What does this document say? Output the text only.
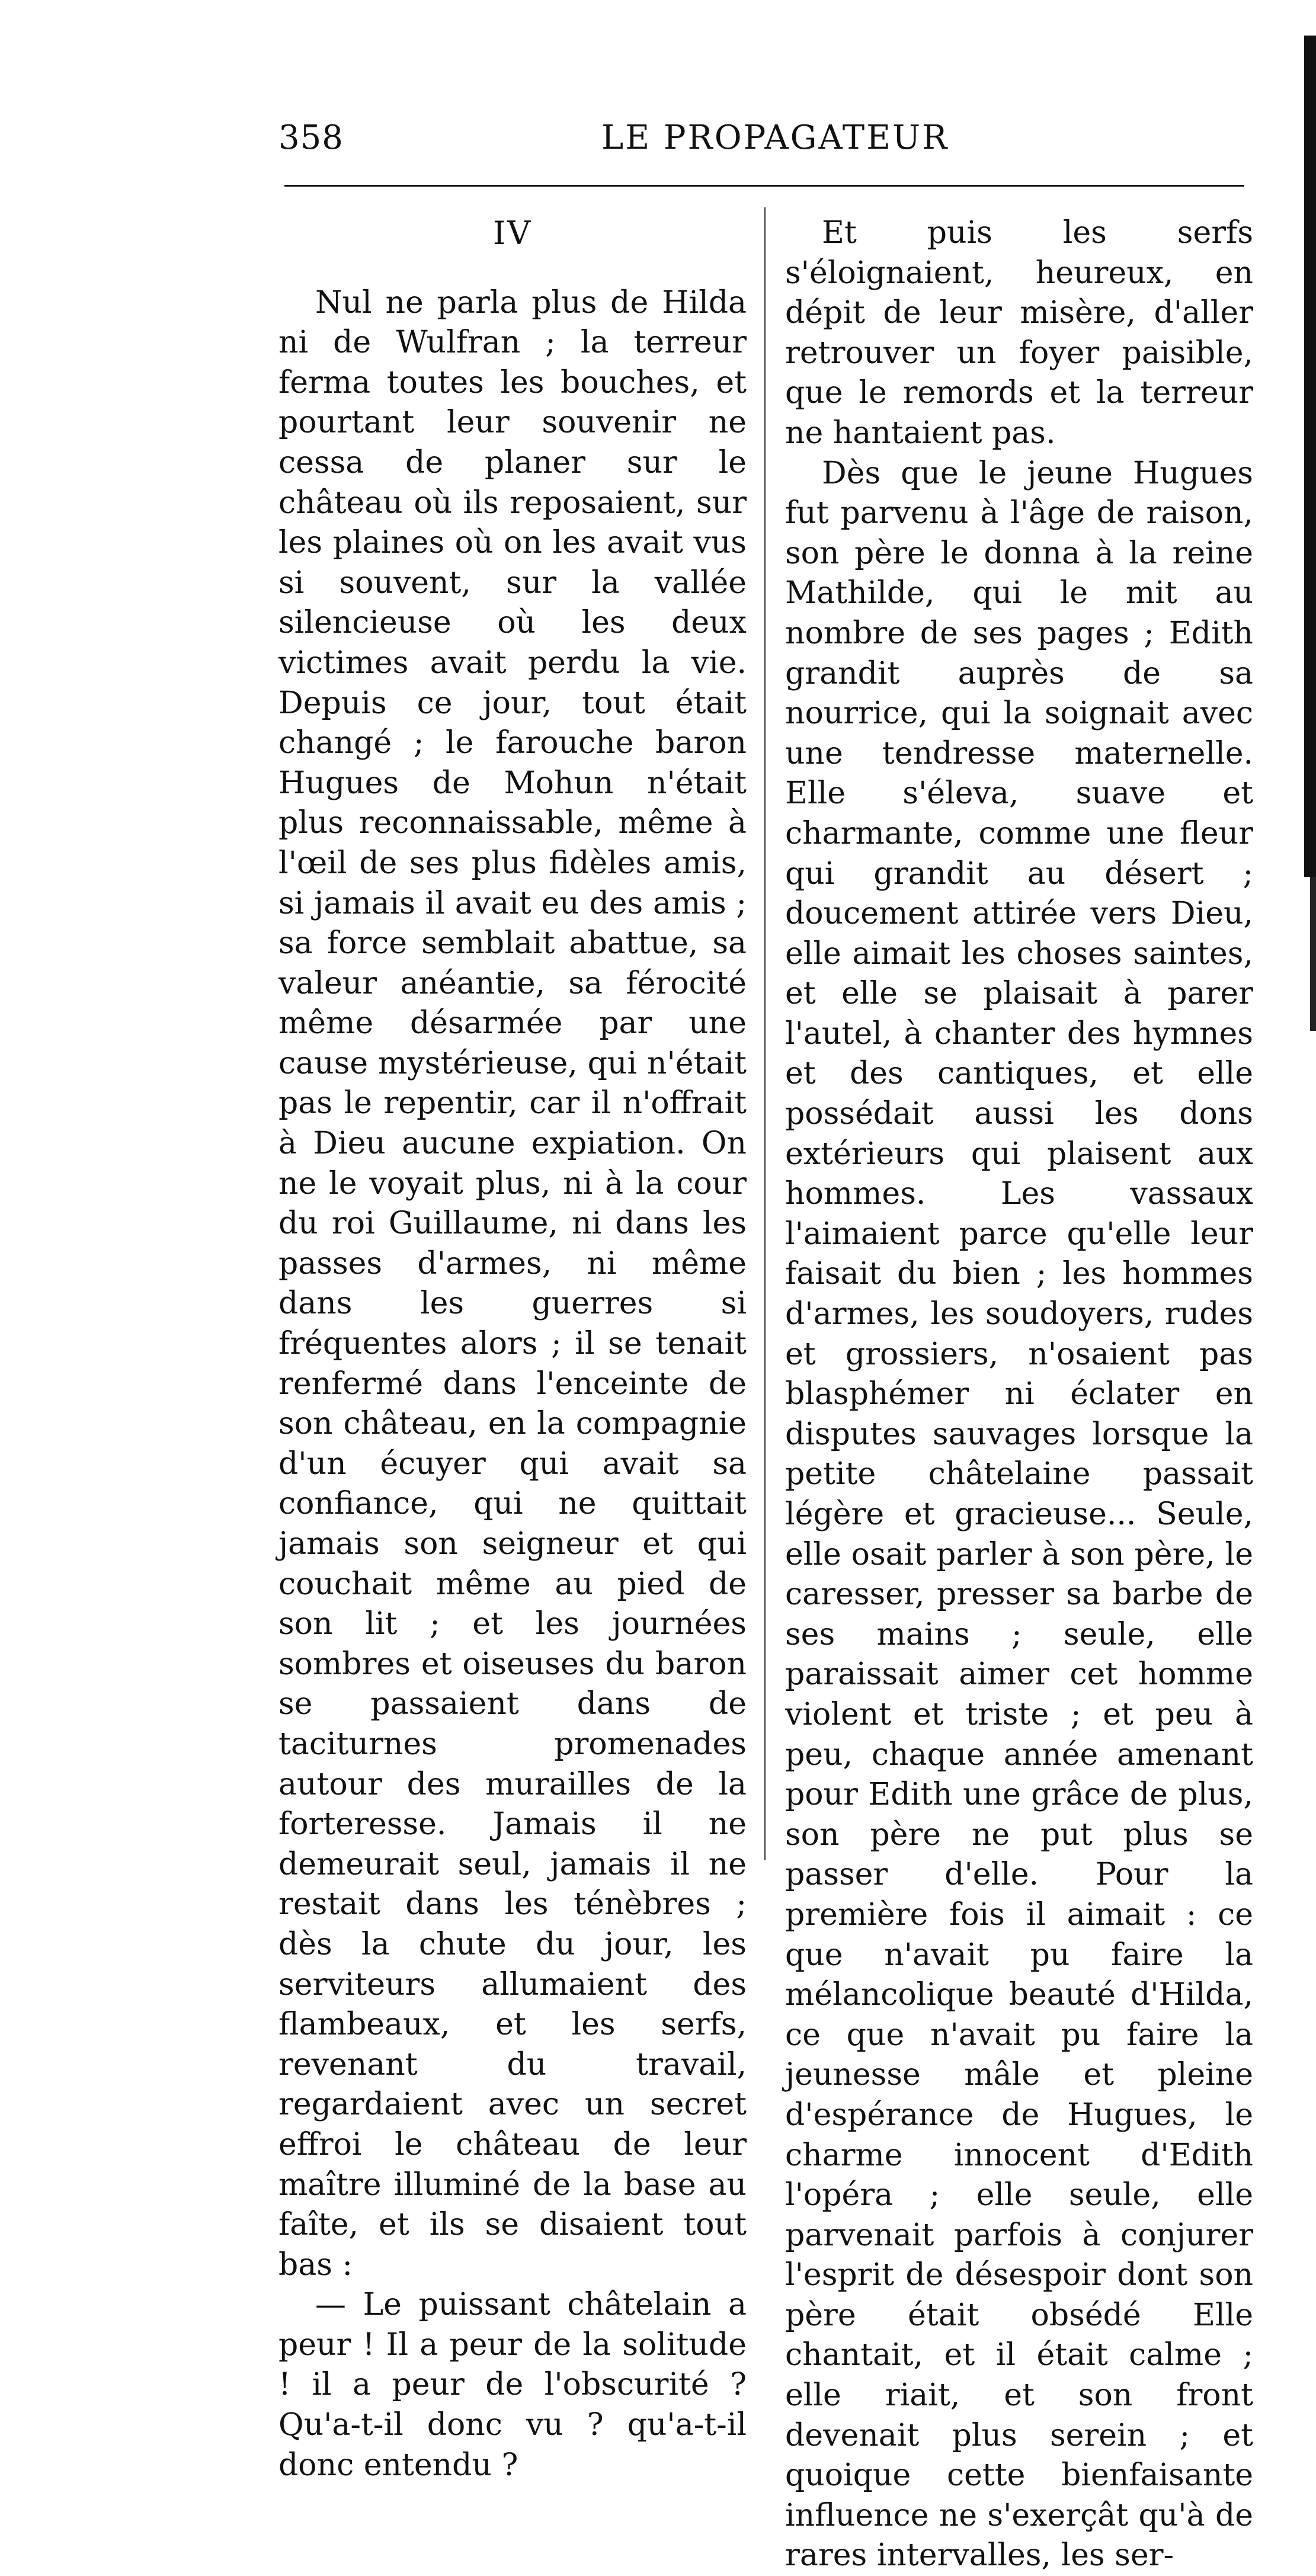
358	LE PROPAGATEUR
IV

Nul ne parla plus de Hilda ni de Wulfran ; la terreur ferma toutes les bouches, et pourtant leur souvenir ne cessa de planer sur le château où ils reposaient, sur les plaines où on les avait vus si souvent, sur la vallée silencieuse où les deux victimes avait perdu la vie. Depuis ce jour, tout était changé ; le farouche baron Hugues de Mohun n'était plus reconnaissable, même à l'œil de ses plus fidèles amis, si jamais il avait eu des amis ; sa force semblait abattue, sa valeur anéantie, sa férocité même désarmée par une cause mystérieuse, qui n'était pas le repentir, car il n'offrait à Dieu aucune expiation. On ne le voyait plus, ni à la cour du roi Guillaume, ni dans les passes d'armes, ni même dans les guerres si fréquentes alors ; il se tenait renfermé dans l'enceinte de son château, en la compagnie d'un écuyer qui avait sa confiance, qui ne quittait jamais son seigneur et qui couchait même au pied de son lit ; et les journées sombres et oiseuses du baron se passaient dans de taciturnes promenades autour des murailles de la forteresse. Jamais il ne demeurait seul, jamais il ne restait dans les ténèbres ; dès la chute du jour, les serviteurs allumaient des flambeaux, et les serfs, revenant du travail, regardaient avec un secret effroi le château de leur maître illuminé de la base au faîte, et ils se disaient tout bas :

— Le puissant châtelain a peur ! Il a peur de la solitude ! il a peur de l'obscurité ? Qu'a-t-il donc vu ? qu'a-t-il donc entendu ?

Et puis les serfs s'éloignaient, heureux, en dépit de leur misère, d'aller retrouver un foyer paisible, que le remords et la terreur ne hantaient pas.

Dès que le jeune Hugues fut parvenu à l'âge de raison, son père le donna à la reine Mathilde, qui le mit au nombre de ses pages ; Edith grandit auprès de sa nourrice, qui la soignait avec une tendresse maternelle. Elle s'éleva, suave et charmante, comme une fleur qui grandit au désert ; doucement attirée vers Dieu, elle aimait les choses saintes, et elle se plaisait à parer l'autel, à chanter des hymnes et des cantiques, et elle possédait aussi les dons extérieurs qui plaisent aux hommes. Les vassaux l'aimaient parce qu'elle leur faisait du bien ; les hommes d'armes, les soudoyers, rudes et grossiers, n'osaient pas blasphémer ni éclater en disputes sauvages lorsque la petite châtelaine passait légère et gracieuse... Seule, elle osait parler à son père, le caresser, presser sa barbe de ses mains ; seule, elle paraissait aimer cet homme violent et triste ; et peu à peu, chaque année amenant pour Edith une grâce de plus, son père ne put plus se passer d'elle. Pour la première fois il aimait : ce que n'avait pu faire la mélancolique beauté d'Hilda, ce que n'avait pu faire la jeunesse mâle et pleine d'espérance de Hugues, le charme innocent d'Edith l'opéra ; elle seule, elle parvenait parfois à conjurer l'esprit de désespoir dont son père était obsédé Elle chantait, et il était calme ; elle riait, et son front devenait plus serein ; et quoique cette bienfaisante influence ne s'exerçât qu'à de rares intervalles, les ser-
